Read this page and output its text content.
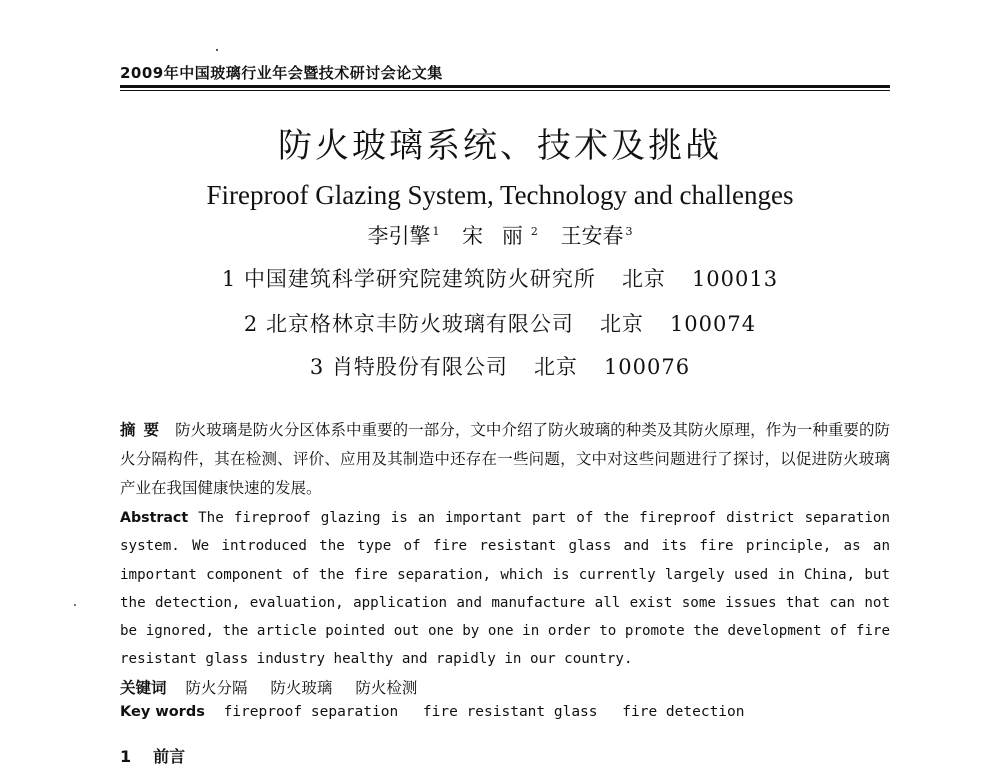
2009年中国玻璃行业年会暨技术研讨会论文集
防火玻璃系统、技术及挑战
Fireproof Glazing System, Technology and challenges
李引擎 $^1$ 宋 丽 $^2$ 王安春 $^3$
1 中国建筑科学研究院建筑防火研究所 北京 100013
2 北京格林京丰防火玻璃有限公司 北京 100074
3 肖特股份有限公司 北京 100076
摘要 防火玻璃是防火分区体系中重要的一部分，文中介绍了防火玻璃的种类及其防火原理，作为一种重要的防火分隔构件，其在检测、评价、应用及其制造中还存在一些问题，文中对这些问题进行了探讨，以促进防火玻璃产业在我国健康快速的发展。
Abstract The fireproof glazing is an important part of the fireproof district separation system. We introduced the type of fire resistant glass and its fire principle, as an important component of the fire separation, which is currently largely used in China, but the detection, evaluation, application and manufacture all exist some issues that can not be ignored, the article pointed out one by one in order to promote the development of fire resistant glass industry healthy and rapidly in our country.
关键词 防火分隔 防火玻璃 防火检测
Key words fireproof separation fire resistant glass fire detection
1 前言
